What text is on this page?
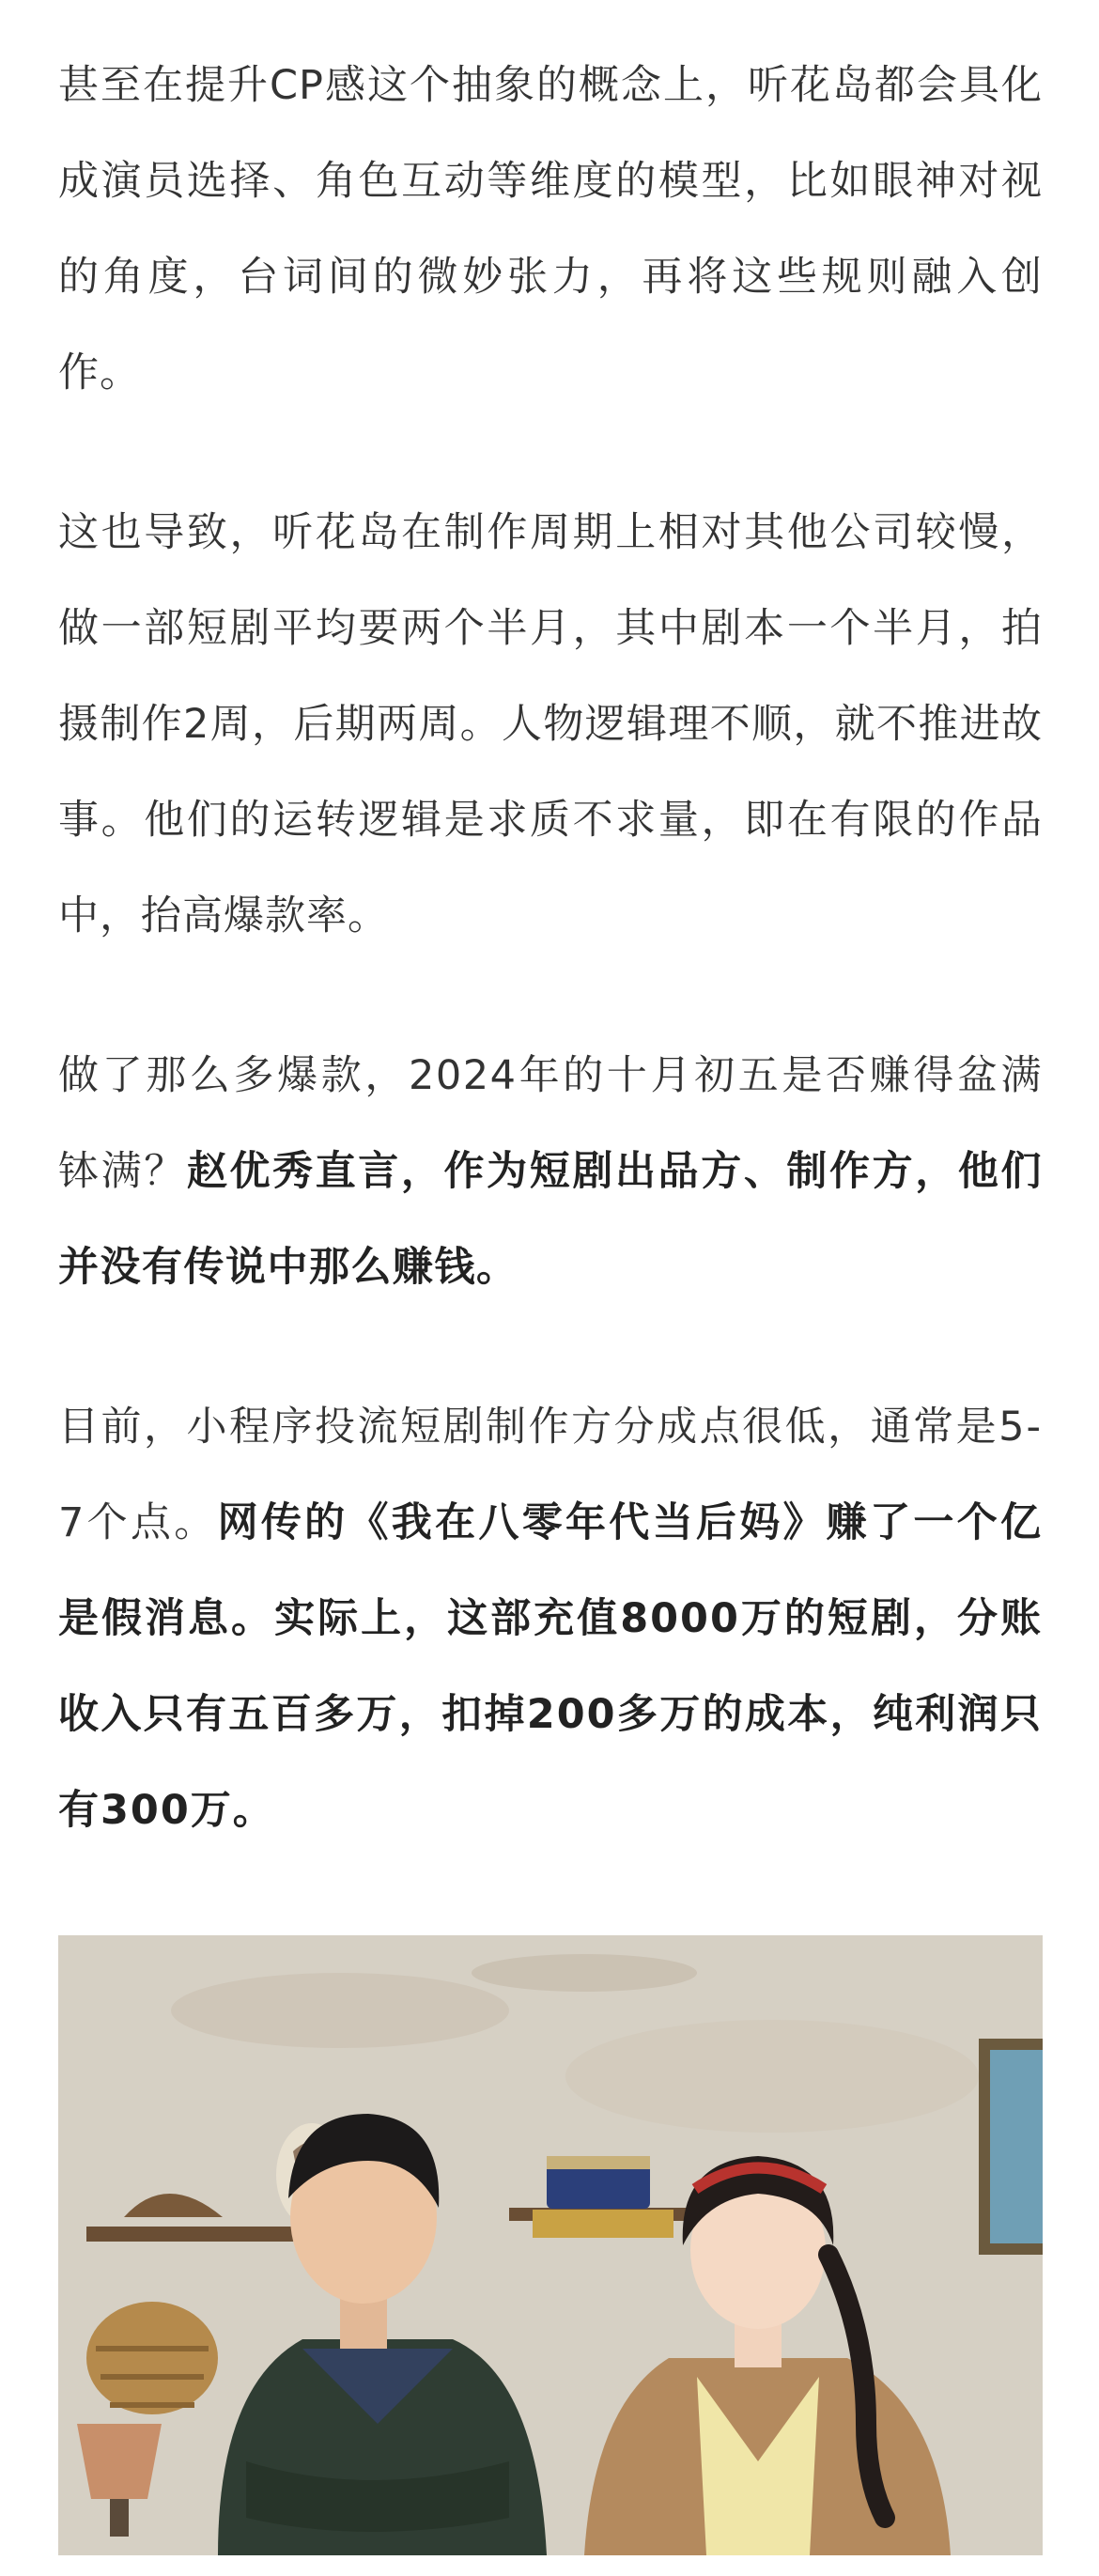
甚至在提升CP感这个抽象的概念上，听花岛都会具化成演员选择、角色互动等维度的模型，比如眼神对视的角度，台词间的微妙张力，再将这些规则融入创作。

这也导致，听花岛在制作周期上相对其他公司较慢，做一部短剧平均要两个半月，其中剧本一个半月，拍摄制作2周，后期两周。人物逻辑理不顺，就不推进故事。他们的运转逻辑是求质不求量，即在有限的作品中，抬高爆款率。

做了那么多爆款，2024年的十月初五是否赚得盆满钵满？赵优秀直言，作为短剧出品方、制作方，他们并没有传说中那么赚钱。

目前，小程序投流短剧制作方分成点很低，通常是5-7个点。网传的《我在八零年代当后妈》赚了一个亿是假消息。实际上，这部充值8000万的短剧，分账收入只有五百多万，扣掉200多万的成本，纯利润只有300万。
